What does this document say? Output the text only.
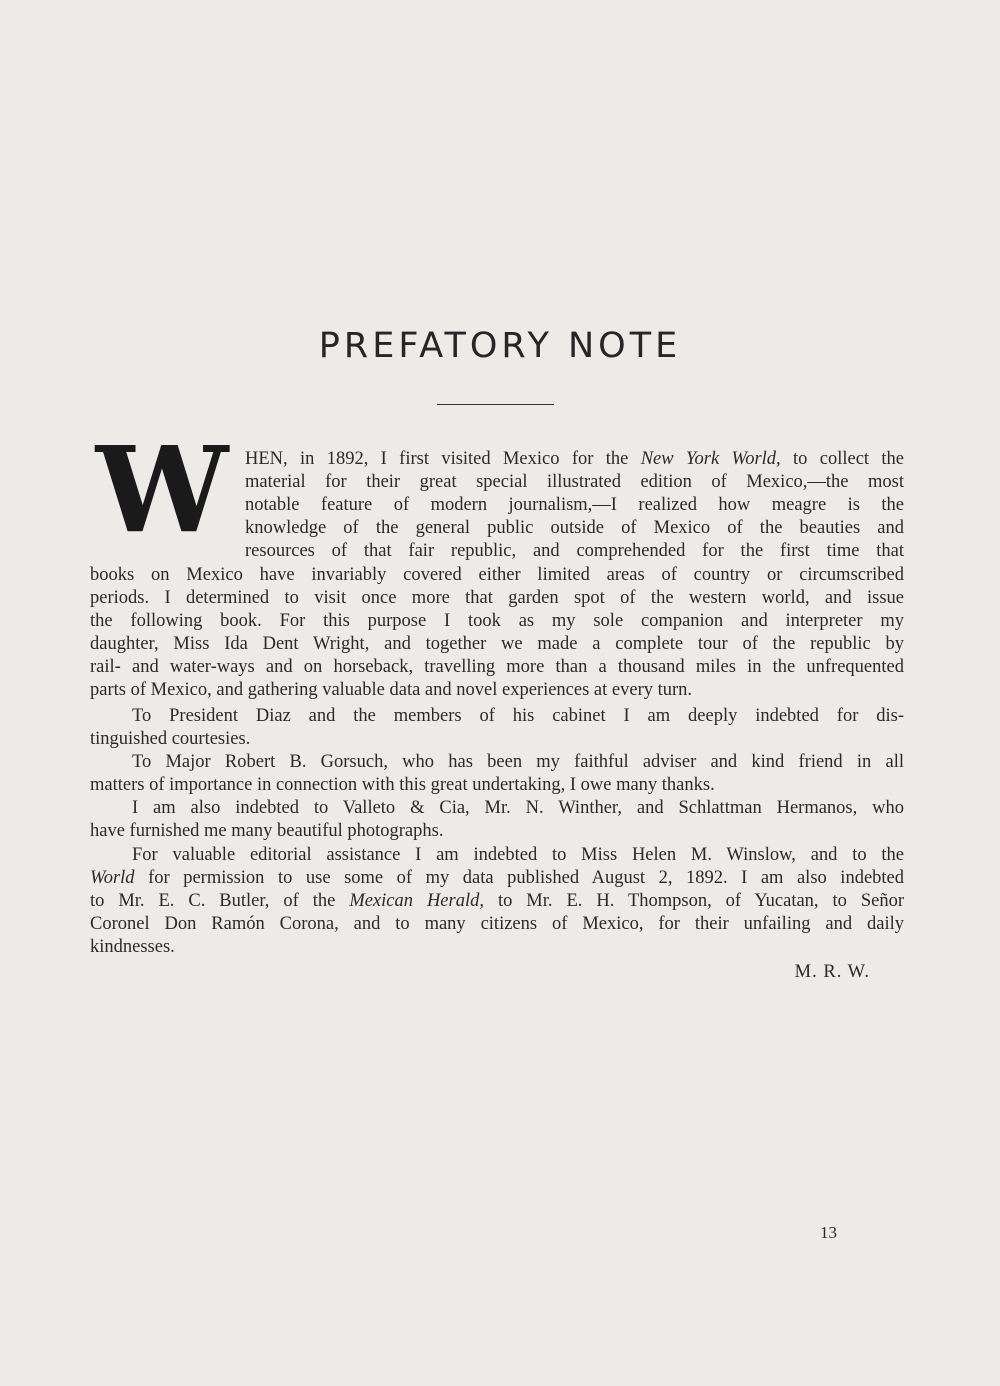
PREFATORY NOTE
W HEN, in 1892, I first visited Mexico for the New York World, to collect the
material for their great special illustrated edition of Mexico,—the most
notable feature of modern journalism,—I realized how meagre is the
knowledge of the general public outside of Mexico of the beauties and
resources of that fair republic, and comprehended for the first time that
books on Mexico have invariably covered either limited areas of country or circumscribed
periods. I determined to visit once more that garden spot of the western world, and issue
the following book. For this purpose I took as my sole companion and interpreter my
daughter, Miss Ida Dent Wright, and together we made a complete tour of the republic by
rail- and water-ways and on horseback, travelling more than a thousand miles in the unfrequented
parts of Mexico, and gathering valuable data and novel experiences at every turn.
To President Diaz and the members of his cabinet I am deeply indebted for dis-
tinguished courtesies.
To Major Robert B. Gorsuch, who has been my faithful adviser and kind friend in all
matters of importance in connection with this great undertaking, I owe many thanks.
I am also indebted to Valleto & Cia, Mr. N. Winther, and Schlattman Hermanos, who
have furnished me many beautiful photographs.
For valuable editorial assistance I am indebted to Miss Helen M. Winslow, and to the
World for permission to use some of my data published August 2, 1892. I am also indebted
to Mr. E. C. Butler, of the Mexican Herald, to Mr. E. H. Thompson, of Yucatan, to Señor
Coronel Don Ramón Corona, and to many citizens of Mexico, for their unfailing and daily
kindnesses.
M. R. W.
13
